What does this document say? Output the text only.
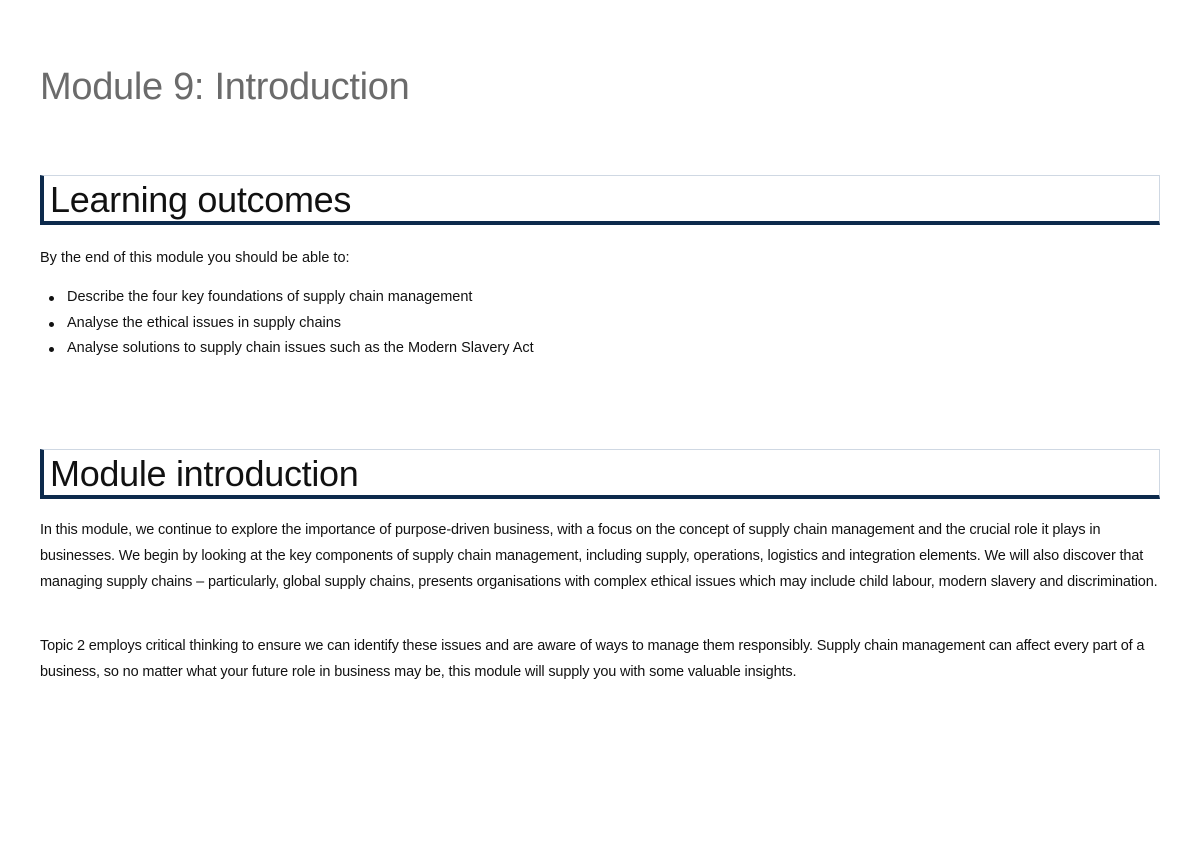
Module 9: Introduction
Learning outcomes

By the end of this module you should be able to:

Describe the four key foundations of supply chain management
Analyse the ethical issues in supply chains
Analyse solutions to supply chain issues such as the Modern Slavery Act
Module introduction

In this module, we continue to explore the importance of purpose-driven business, with a focus on the concept of supply chain management and the crucial role it plays in businesses. We begin by looking at the key components of supply chain management, including supply, operations, logistics and integration elements. We will also discover that managing supply chains – particularly, global supply chains, presents organisations with complex ethical issues which may include child labour, modern slavery and discrimination.

Topic 2 employs critical thinking to ensure we can identify these issues and are aware of ways to manage them responsibly. Supply chain management can affect every part of a business, so no matter what your future role in business may be, this module will supply you with some valuable insights.
